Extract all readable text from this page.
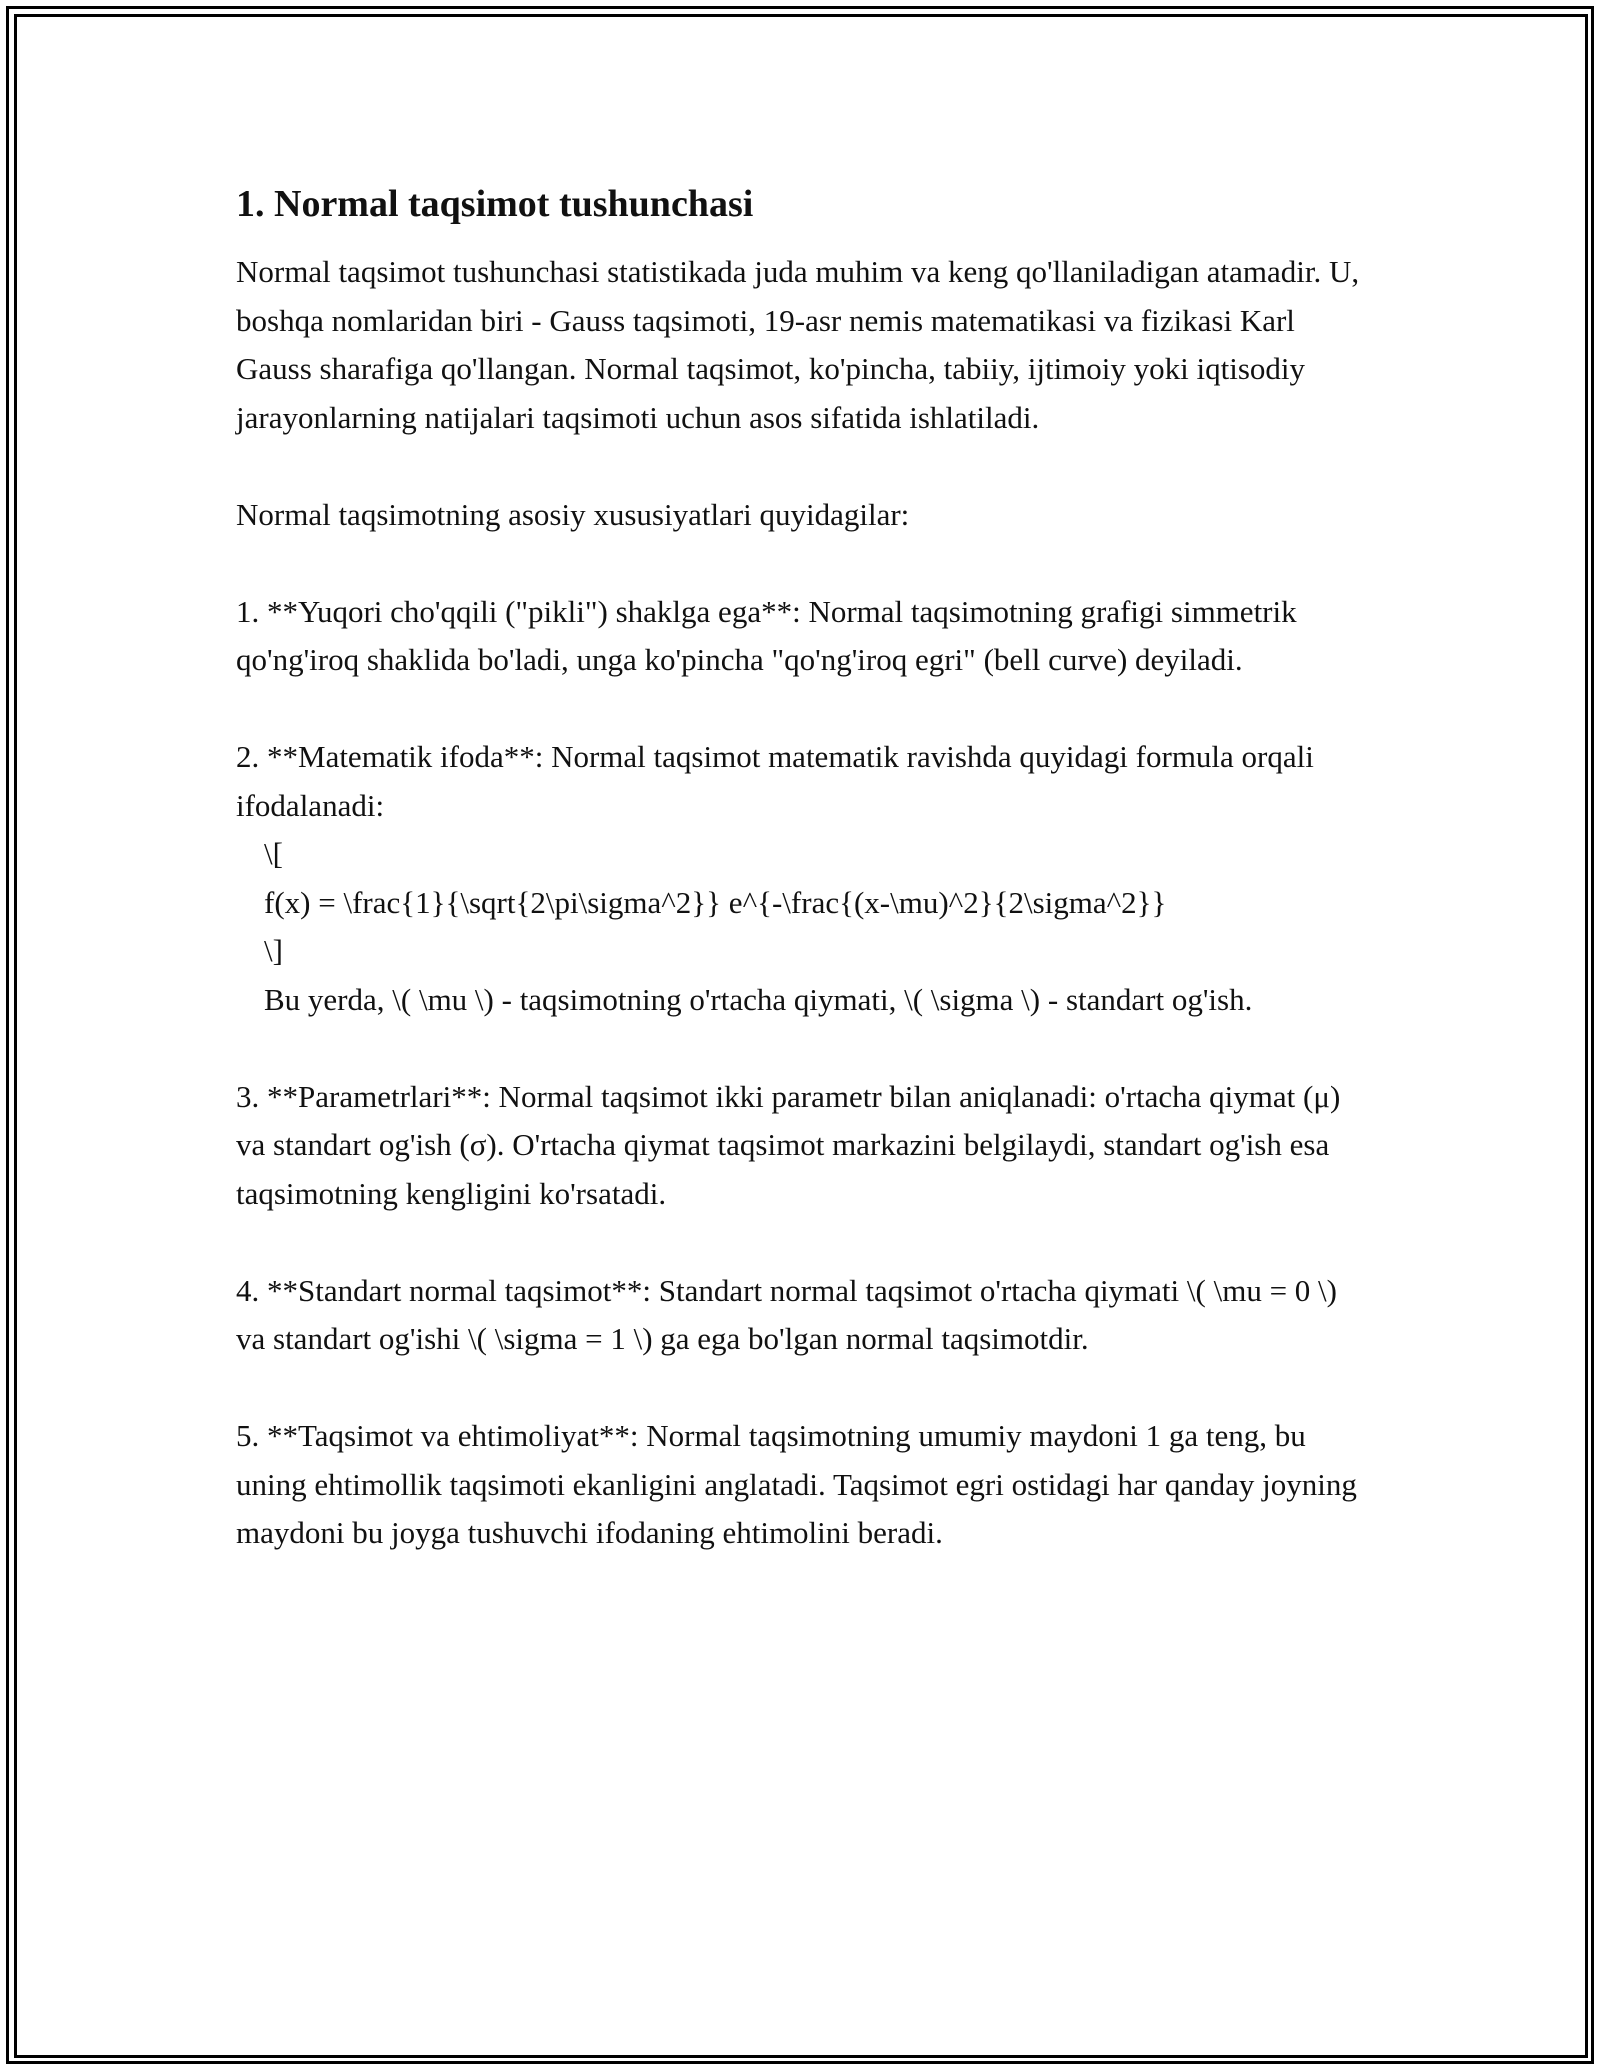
1. Normal taqsimot tushunchasi

Normal taqsimot tushunchasi statistikada juda muhim va keng qo'llaniladigan atamadir. U, boshqa nomlaridan biri - Gauss taqsimoti, 19-asr nemis matematikasi va fizikasi Karl Gauss sharafiga qo'llangan. Normal taqsimot, ko'pincha, tabiiy, ijtimoiy yoki iqtisodiy jarayonlarning natijalari taqsimoti uchun asos sifatida ishlatiladi.

Normal taqsimotning asosiy xususiyatlari quyidagilar:

1. **Yuqori cho'qqili ("pikli") shaklga ega**: Normal taqsimotning grafigi simmetrik qo'ng'iroq shaklida bo'ladi, unga ko'pincha "qo'ng'iroq egri" (bell curve) deyiladi.

2. **Matematik ifoda**: Normal taqsimot matematik ravishda quyidagi formula orqali ifodalanadi:

\[

f(x) = \frac{1}{\sqrt{2\pi\sigma^2}} e^{-\frac{(x-\mu)^2}{2\sigma^2}}

\]

Bu yerda, \( \mu \) - taqsimotning o'rtacha qiymati, \( \sigma \) - standart og'ish.

3. **Parametrlari**: Normal taqsimot ikki parametr bilan aniqlanadi: o'rtacha qiymat (μ) va standart og'ish (σ). O'rtacha qiymat taqsimot markazini belgilaydi, standart og'ish esa taqsimotning kengligini ko'rsatadi.

4. **Standart normal taqsimot**: Standart normal taqsimot o'rtacha qiymati \( \mu = 0 \) va standart og'ishi \( \sigma = 1 \) ga ega bo'lgan normal taqsimotdir.

5. **Taqsimot va ehtimoliyat**: Normal taqsimotning umumiy maydoni 1 ga teng, bu uning ehtimollik taqsimoti ekanligini anglatadi. Taqsimot egri ostidagi har qanday joyning maydoni bu joyga tushuvchi ifodaning ehtimolini beradi.
